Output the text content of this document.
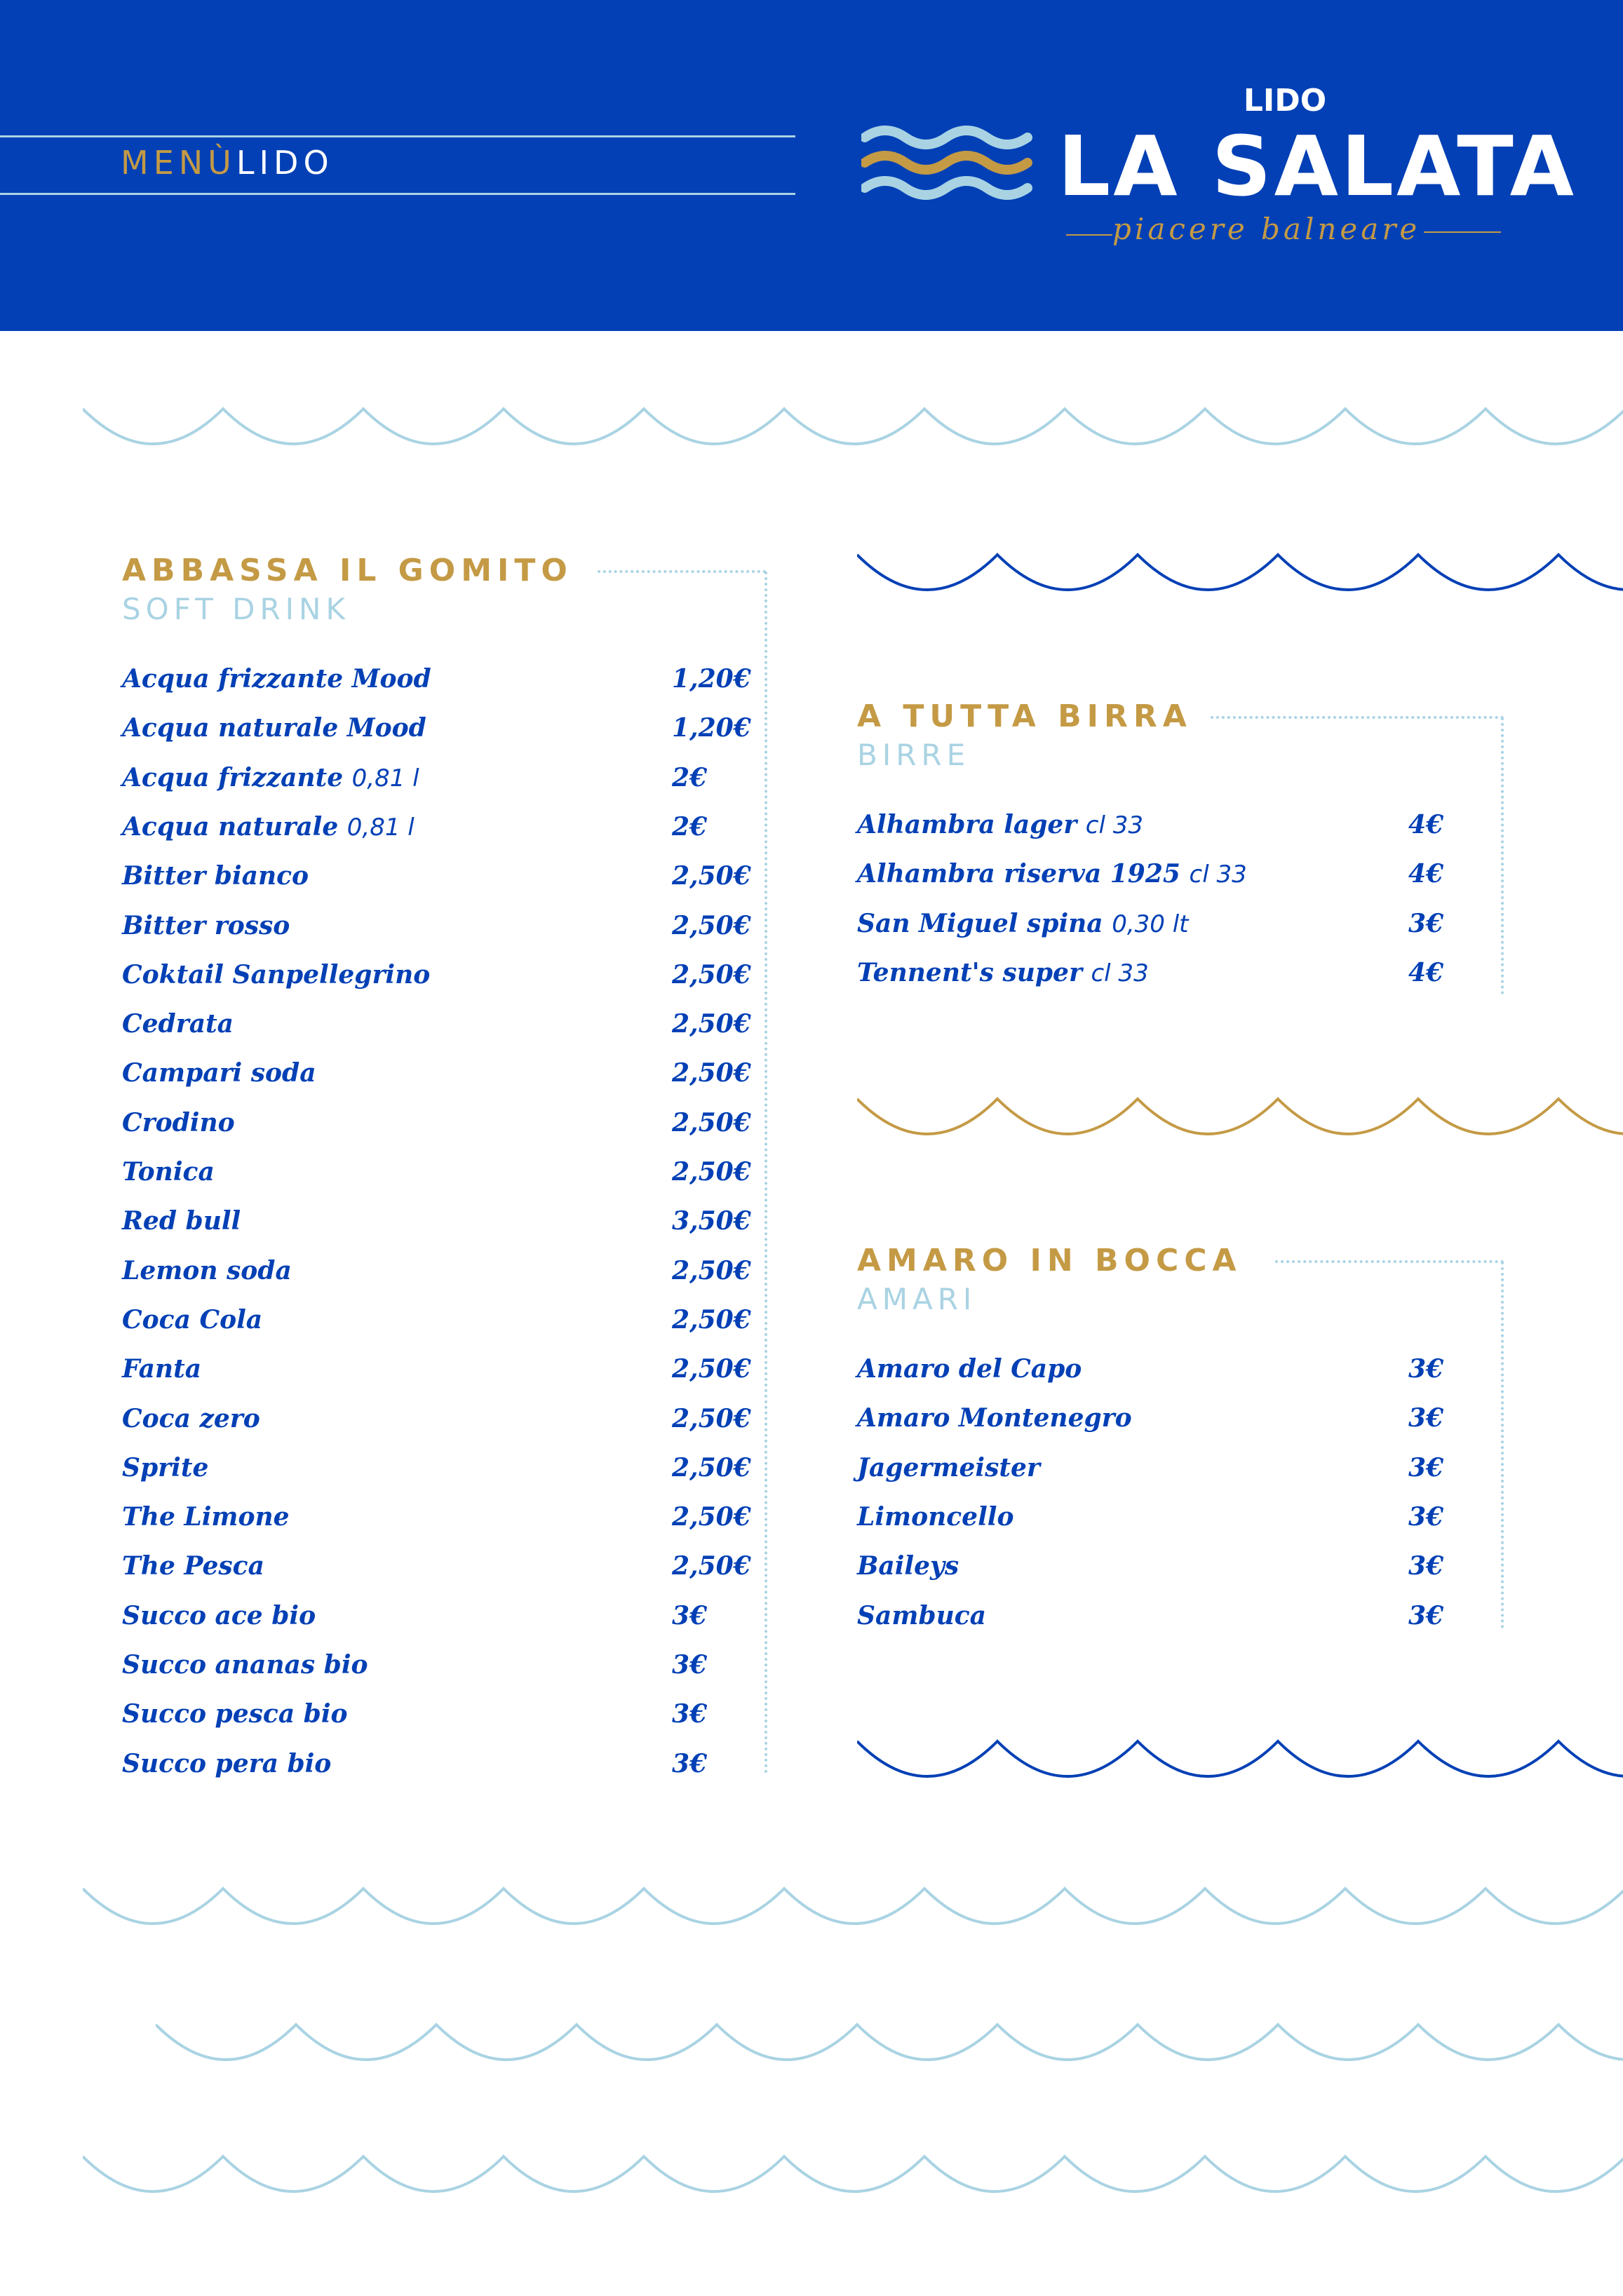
MENÙLIDO
LIDO
LA SALATA
piacere balneare
ABBASSA IL GOMITO
SOFT DRINK
Acqua frizzante Mood	1,20€
Acqua naturale Mood	1,20€
Acqua frizzante 0,81 l	2€
Acqua naturale 0,81 l	2€
Bitter bianco	2,50€
Bitter rosso	2,50€
Coktail Sanpellegrino	2,50€
Cedrata	2,50€
Campari soda	2,50€
Crodino	2,50€
Tonica	2,50€
Red bull	3,50€
Lemon soda	2,50€
Coca Cola	2,50€
Fanta	2,50€
Coca zero	2,50€
Sprite	2,50€
The Limone	2,50€
The Pesca	2,50€
Succo ace bio	3€
Succo ananas bio	3€
Succo pesca bio	3€
Succo pera bio	3€
A TUTTA BIRRA
BIRRE
Alhambra lager cl 33	4€
Alhambra riserva 1925 cl 33	4€
San Miguel spina 0,30 lt	3€
Tennent's super cl 33	4€
AMARO IN BOCCA
AMARI
Amaro del Capo	3€
Amaro Montenegro	3€
Jagermeister	3€
Limoncello	3€
Baileys	3€
Sambuca	3€
